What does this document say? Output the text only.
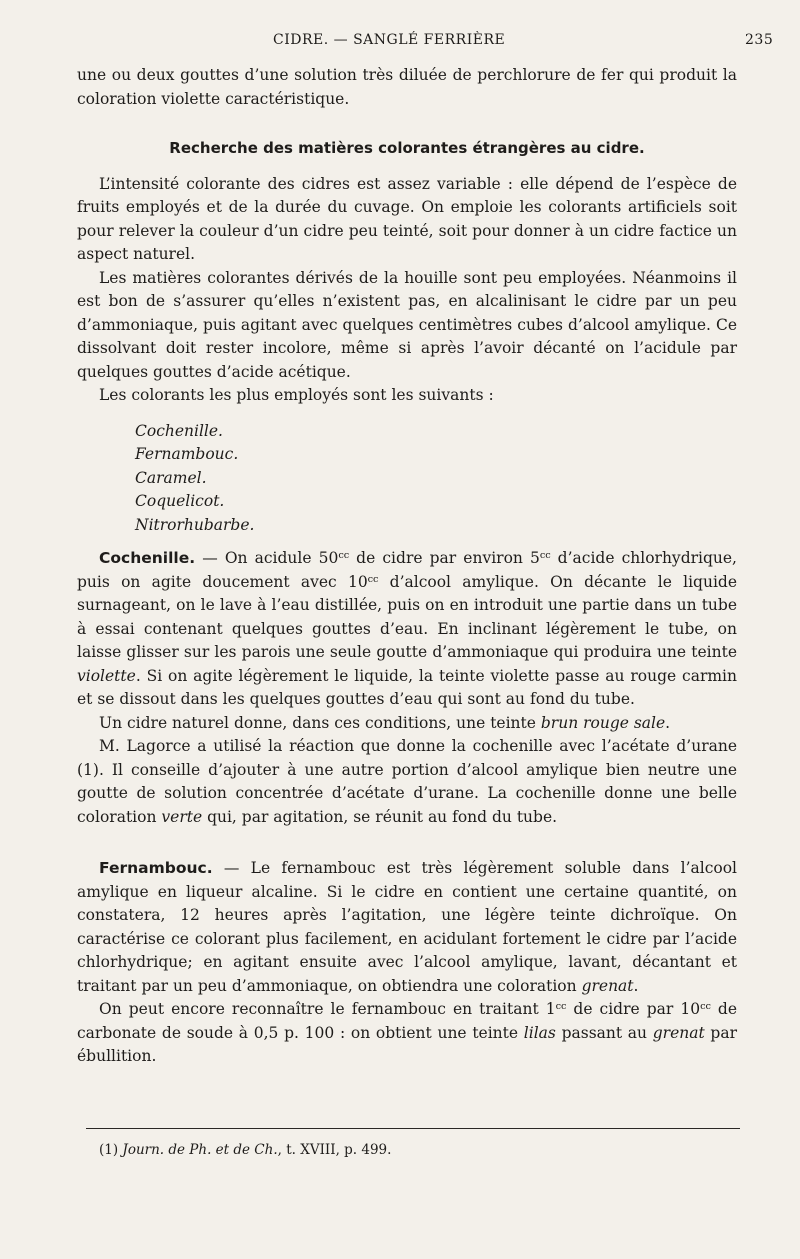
CIDRE. — SANGLÉ FERRIÈRE	235

une ou deux gouttes d’une solution très diluée de perchlorure de fer qui produit la coloration violette caractéristique.

Recherche des matières colorantes étrangères au cidre.

L’intensité colorante des cidres est assez variable : elle dépend de l’espèce de fruits employés et de la durée du cuvage. On emploie les colorants artificiels soit pour relever la couleur d’un cidre peu teinté, soit pour donner à un cidre factice un aspect naturel.

Les matières colorantes dérivés de la houille sont peu employées. Néanmoins il est bon de s’assurer qu’elles n’existent pas, en alcalinisant le cidre par un peu d’ammoniaque, puis agitant avec quelques centimètres cubes d’alcool amylique. Ce dissolvant doit rester incolore, même si après l’avoir décanté on l’acidule par quelques gouttes d’acide acétique.

Les colorants les plus employés sont les suivants :

Cochenille.
Fernambouc.
Caramel.
Coquelicot.
Nitrorhubarbe.

Cochenille. — On acidule 50ᶜᶜ de cidre par environ 5ᶜᶜ d’acide chlorhydrique, puis on agite doucement avec 10ᶜᶜ d’alcool amylique. On décante le liquide surnageant, on le lave à l’eau distillée, puis on en introduit une partie dans un tube à essai contenant quelques gouttes d’eau. En inclinant légèrement le tube, on laisse glisser sur les parois une seule goutte d’ammoniaque qui produira une teinte violette. Si on agite légèrement le liquide, la teinte violette passe au rouge carmin et se dissout dans les quelques gouttes d’eau qui sont au fond du tube.

Un cidre naturel donne, dans ces conditions, une teinte brun rouge sale.

M. Lagorce a utilisé la réaction que donne la cochenille avec l’acétate d’urane (1). Il conseille d’ajouter à une autre portion d’alcool amylique bien neutre une goutte de solution concentrée d’acétate d’urane. La cochenille donne une belle coloration verte qui, par agitation, se réunit au fond du tube.

Fernambouc. — Le fernambouc est très légèrement soluble dans l’alcool amylique en liqueur alcaline. Si le cidre en contient une certaine quantité, on constatera, 12 heures après l’agitation, une légère teinte dichroïque. On caractérise ce colorant plus facilement, en acidulant fortement le cidre par l’acide chlorhydrique; en agitant ensuite avec l’alcool amylique, lavant, décantant et traitant par un peu d’ammoniaque, on obtiendra une coloration grenat.

On peut encore reconnaître le fernambouc en traitant 1ᶜᶜ de cidre par 10ᶜᶜ de carbonate de soude à 0,5 p. 100 : on obtient une teinte lilas passant au grenat par ébullition.

(1) Journ. de Ph. et de Ch., t. XVIII, p. 499.
